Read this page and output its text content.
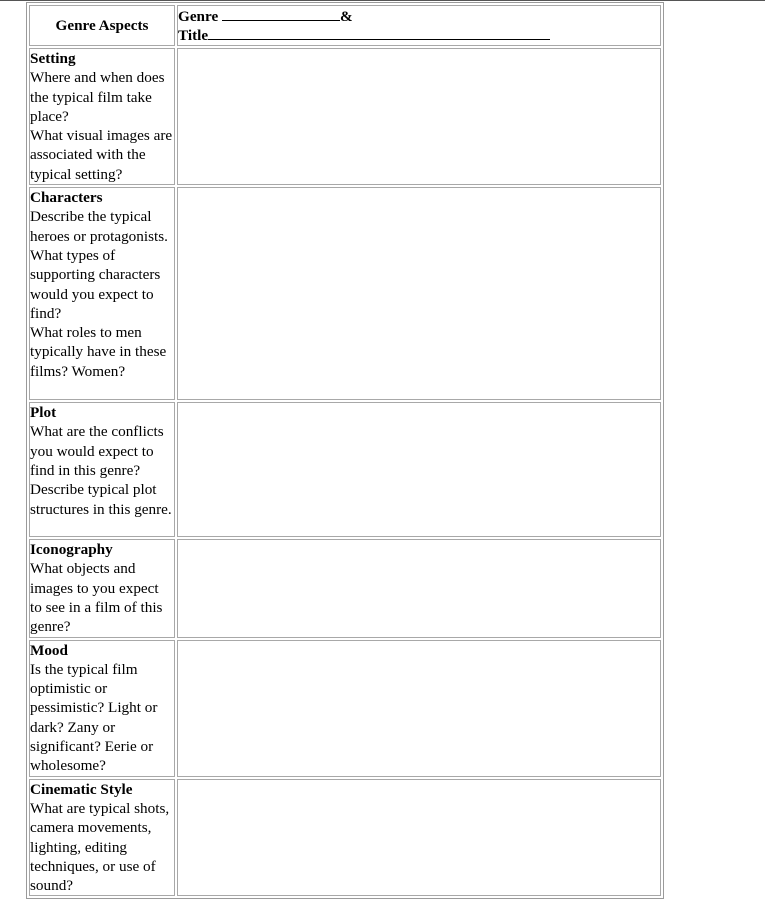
Genre Aspects	Genre &
Title

Setting
Where and when does the typical film take place?
What visual images are associated with the typical setting?	

Characters
Describe the typical heroes or protagonists.
What types of supporting characters would you expect to find?
What roles to men typically have in these films? Women?	

Plot
What are the conflicts you would expect to find in this genre?
Describe typical plot structures in this genre.	

Iconography
What objects and images to you expect to see in a film of this genre?	

Mood
Is the typical film optimistic or pessimistic? Light or dark? Zany or significant? Eerie or wholesome?	

Cinematic Style
What are typical shots, camera movements, lighting, editing techniques, or use of sound?	
